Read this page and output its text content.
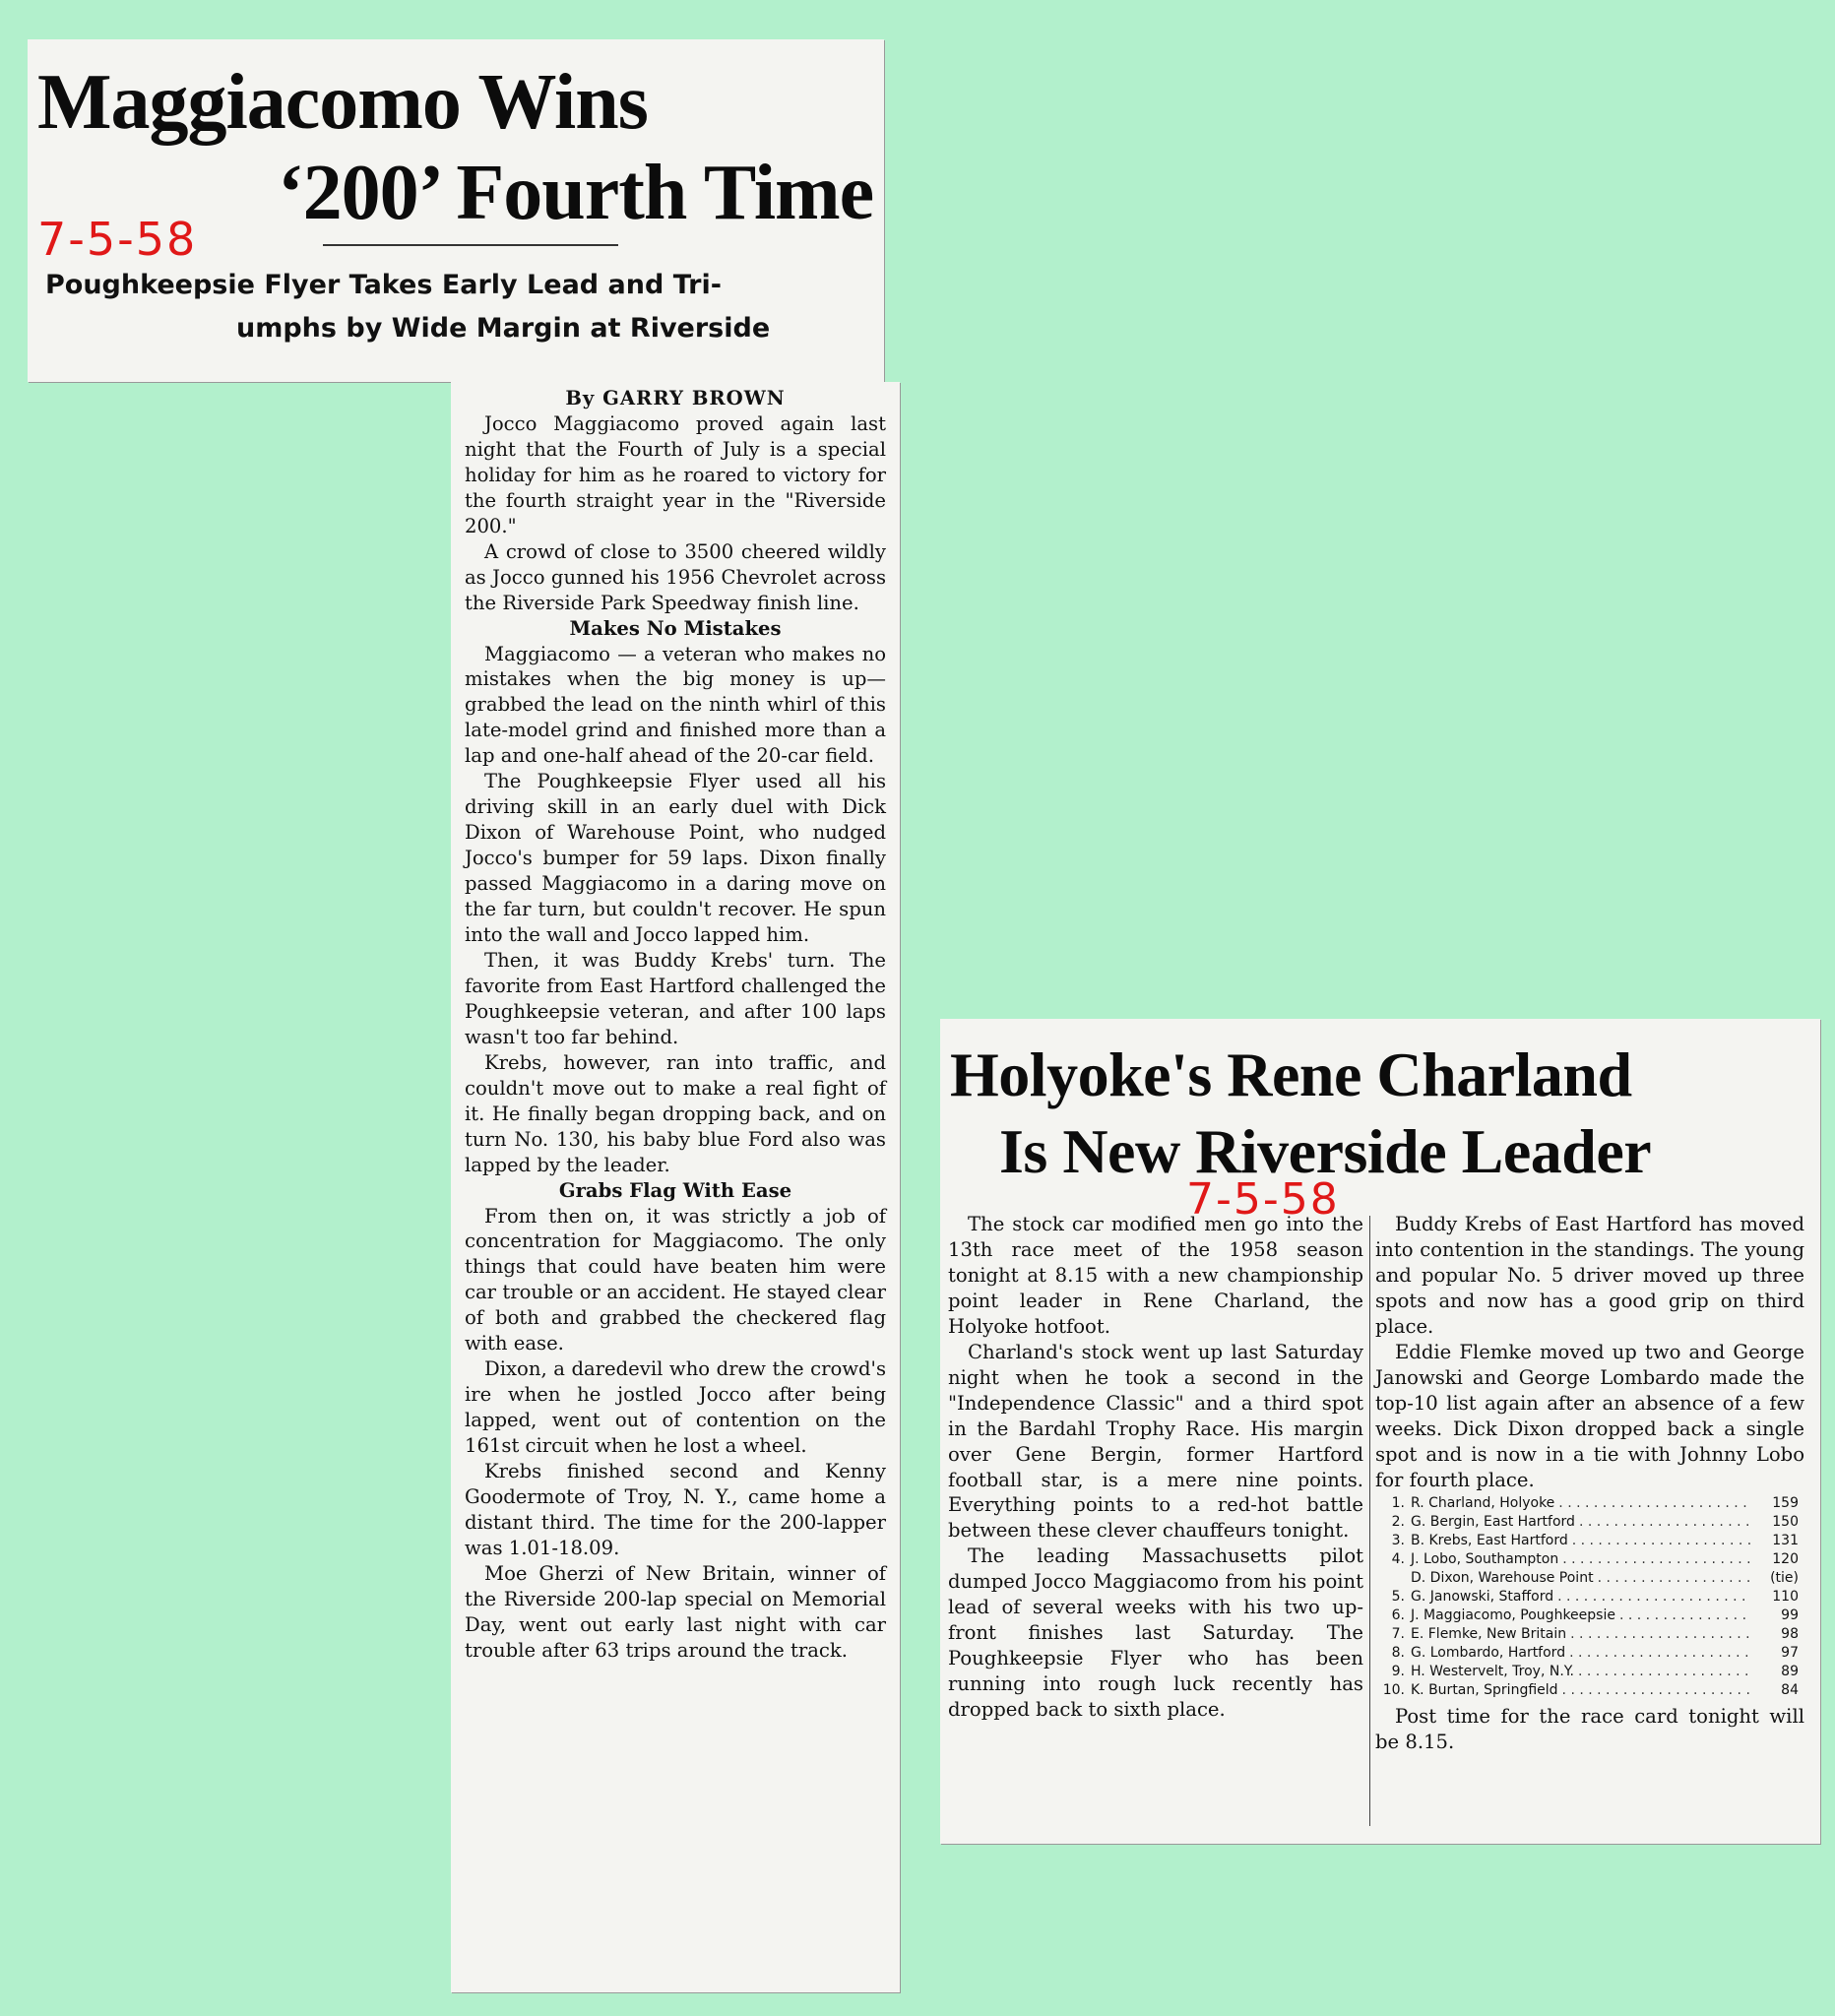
Maggiacomo Wins
‘200’ Fourth Time
7-5-58
Poughkeepsie Flyer Takes Early Lead and Tri-
umphs by Wide Margin at Riverside

By GARRY BROWN

Jocco Maggiacomo proved again last night that the Fourth of July is a special holiday for him as he roared to victory for the fourth straight year in the "Riverside 200."

A crowd of close to 3500 cheered wildly as Jocco gunned his 1956 Chevrolet across the Riverside Park Speedway finish line.

Makes No Mistakes

Maggiacomo — a veteran who makes no mistakes when the big money is up—grabbed the lead on the ninth whirl of this late-model grind and finished more than a lap and one-half ahead of the 20-car field.

The Poughkeepsie Flyer used all his driving skill in an early duel with Dick Dixon of Warehouse Point, who nudged Jocco's bumper for 59 laps. Dixon finally passed Maggiacomo in a daring move on the far turn, but couldn't recover. He spun into the wall and Jocco lapped him.

Then, it was Buddy Krebs' turn. The favorite from East Hartford challenged the Poughkeepsie veteran, and after 100 laps wasn't too far behind.

Krebs, however, ran into traffic, and couldn't move out to make a real fight of it. He finally began dropping back, and on turn No. 130, his baby blue Ford also was lapped by the leader.

Grabs Flag With Ease

From then on, it was strictly a job of concentration for Maggiacomo. The only things that could have beaten him were car trouble or an accident. He stayed clear of both and grabbed the checkered flag with ease.

Dixon, a daredevil who drew the crowd's ire when he jostled Jocco after being lapped, went out of contention on the 161st circuit when he lost a wheel.

Krebs finished second and Kenny Goodermote of Troy, N. Y., came home a distant third. The time for the 200-lapper was 1.01-18.09.

Moe Gherzi of New Britain, winner of the Riverside 200-lap special on Memorial Day, went out early last night with car trouble after 63 trips around the track.

Holyoke's Rene Charland
Is New Riverside Leader
7-5-58

The stock car modified men go into the 13th race meet of the 1958 season tonight at 8.15 with a new championship point leader in Rene Charland, the Holyoke hotfoot.

Charland's stock went up last Saturday night when he took a second in the "Independence Classic" and a third spot in the Bardahl Trophy Race. His margin over Gene Bergin, former Hartford football star, is a mere nine points. Everything points to a red-hot battle between these clever chauffeurs tonight.

The leading Massachusetts pilot dumped Jocco Maggiacomo from his point lead of several weeks with his two up-front finishes last Saturday. The Poughkeepsie Flyer who has been running into rough luck recently has dropped back to sixth place.

Buddy Krebs of East Hartford has moved into contention in the standings. The young and popular No. 5 driver moved up three spots and now has a good grip on third place.

Eddie Flemke moved up two and George Janowski and George Lombardo made the top-10 list again after an absence of a few weeks. Dick Dixon dropped back a single spot and is now in a tie with Johnny Lobo for fourth place.

1. R. Charland, Holyoke . . .	159
2. G. Bergin, East Hartford . . .	150
3. B. Krebs, East Hartford . . .	131
4. J. Lobo, Southampton . . .	120
D. Dixon, Warehouse Point . . .	(tie)
5. G. Janowski, Stafford . . .	110
6. J. Maggiacomo, Poughkeepsie . . .	99
7. E. Flemke, New Britain . . .	98
8. G. Lombardo, Hartford . . .	97
9. H. Westervelt, Troy, N.Y. . . .	89
10. K. Burtan, Springfield . . .	84

Post time for the race card tonight will be 8.15.
